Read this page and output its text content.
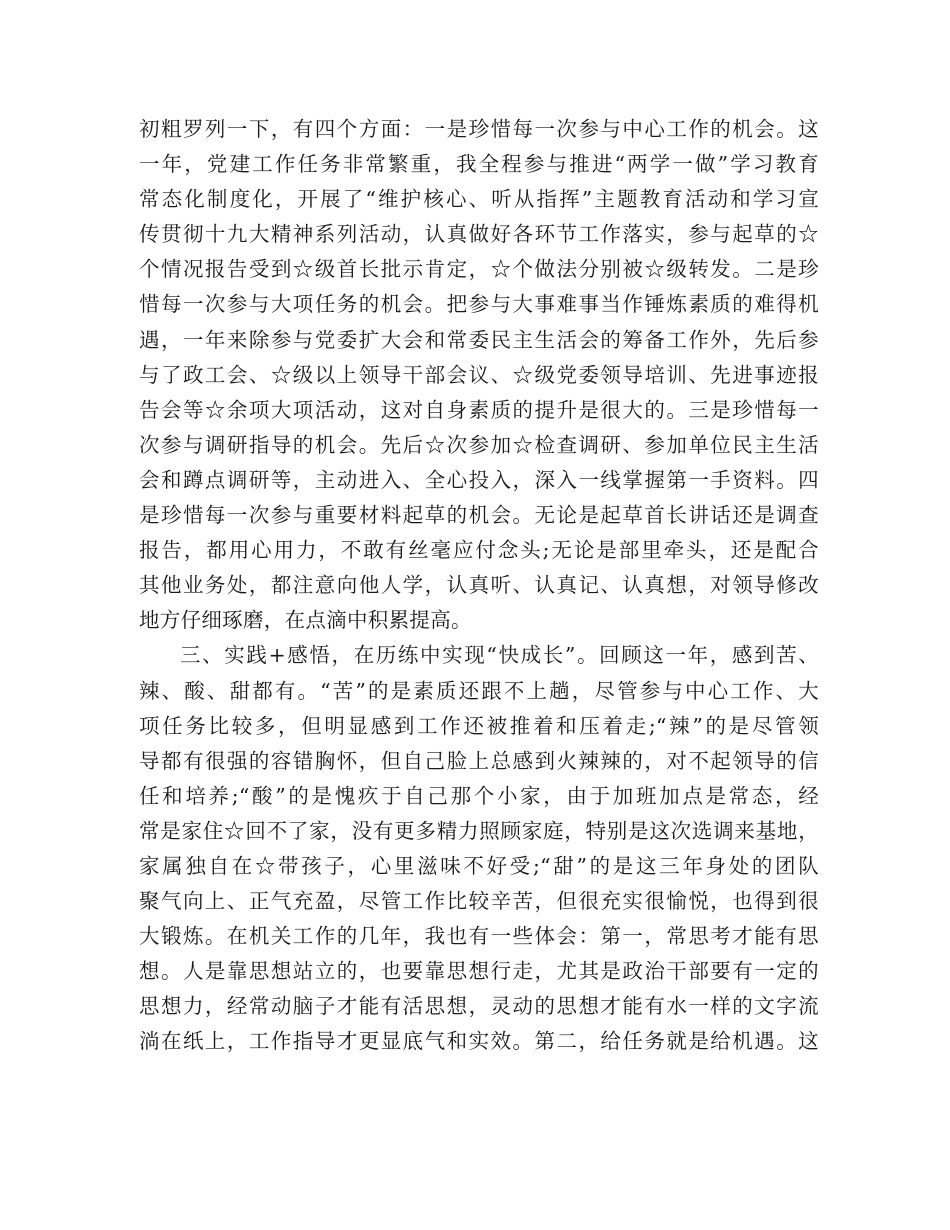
初粗罗列一下，有四个方面：一是珍惜每一次参与中心工作的机会。这
一年，党建工作任务非常繁重，我全程参与推进“两学一做”学习教育
常态化制度化，开展了“维护核心、听从指挥”主题教育活动和学习宣
传贯彻十九大精神系列活动，认真做好各环节工作落实，参与起草的☆
个情况报告受到☆级首长批示肯定，☆个做法分别被☆级转发。二是珍
惜每一次参与大项任务的机会。把参与大事难事当作锤炼素质的难得机
遇，一年来除参与党委扩大会和常委民主生活会的筹备工作外，先后参
与了政工会、☆级以上领导干部会议、☆级党委领导培训、先进事迹报
告会等☆余项大项活动，这对自身素质的提升是很大的。三是珍惜每一
次参与调研指导的机会。先后☆次参加☆检查调研、参加单位民主生活
会和蹲点调研等，主动进入、全心投入，深入一线掌握第一手资料。四
是珍惜每一次参与重要材料起草的机会。无论是起草首长讲话还是调查
报告，都用心用力，不敢有丝毫应付念头;无论是部里牵头，还是配合
其他业务处，都注意向他人学，认真听、认真记、认真想，对领导修改
地方仔细琢磨，在点滴中积累提高。
三、实践+感悟，在历练中实现“快成长”。回顾这一年，感到苦、
辣、酸、甜都有。“苦”的是素质还跟不上趟，尽管参与中心工作、大
项任务比较多，但明显感到工作还被推着和压着走;“辣”的是尽管领
导都有很强的容错胸怀，但自己脸上总感到火辣辣的，对不起领导的信
任和培养;“酸”的是愧疚于自己那个小家，由于加班加点是常态，经
常是家住☆回不了家，没有更多精力照顾家庭，特别是这次选调来基地，
家属独自在☆带孩子，心里滋味不好受;“甜”的是这三年身处的团队
聚气向上、正气充盈，尽管工作比较辛苦，但很充实很愉悦，也得到很
大锻炼。在机关工作的几年，我也有一些体会：第一，常思考才能有思
想。人是靠思想站立的，也要靠思想行走，尤其是政治干部要有一定的
思想力，经常动脑子才能有活思想，灵动的思想才能有水一样的文字流
淌在纸上，工作指导才更显底气和实效。第二，给任务就是给机遇。这
